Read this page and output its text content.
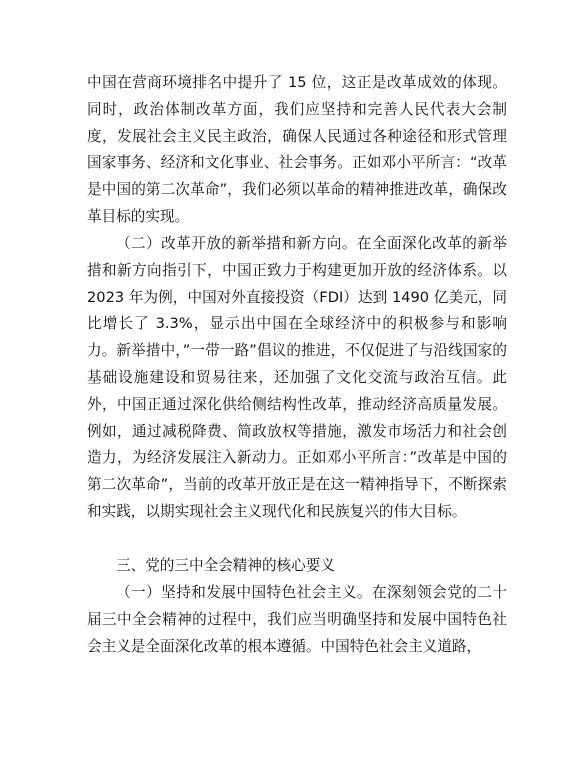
中国在营商环境排名中提升了 15 位，这正是改革成效的体现。同时，政治体制改革方面，我们应坚持和完善人民代表大会制度，发展社会主义民主政治，确保人民通过各种途径和形式管理国家事务、经济和文化事业、社会事务。正如邓小平所言：“改革是中国的第二次革命”，我们必须以革命的精神推进改革，确保改革目标的实现。

（二）改革开放的新举措和新方向。在全面深化改革的新举措和新方向指引下，中国正致力于构建更加开放的经济体系。以 2023 年为例，中国对外直接投资（FDI）达到 1490 亿美元，同比增长了 3.3%，显示出中国在全球经济中的积极参与和影响力。新举措中，”一带一路”倡议的推进，不仅促进了与沿线国家的基础设施建设和贸易往来，还加强了文化交流与政治互信。此外，中国正通过深化供给侧结构性改革，推动经济高质量发展。例如，通过减税降费、简政放权等措施，激发市场活力和社会创造力，为经济发展注入新动力。正如邓小平所言：”改革是中国的第二次革命”，当前的改革开放正是在这一精神指导下，不断探索和实践，以期实现社会主义现代化和民族复兴的伟大目标。

三、党的三中全会精神的核心要义

（一）坚持和发展中国特色社会主义。在深刻领会党的二十届三中全会精神的过程中，我们应当明确坚持和发展中国特色社会主义是全面深化改革的根本遵循。中国特色社会主义道路，
